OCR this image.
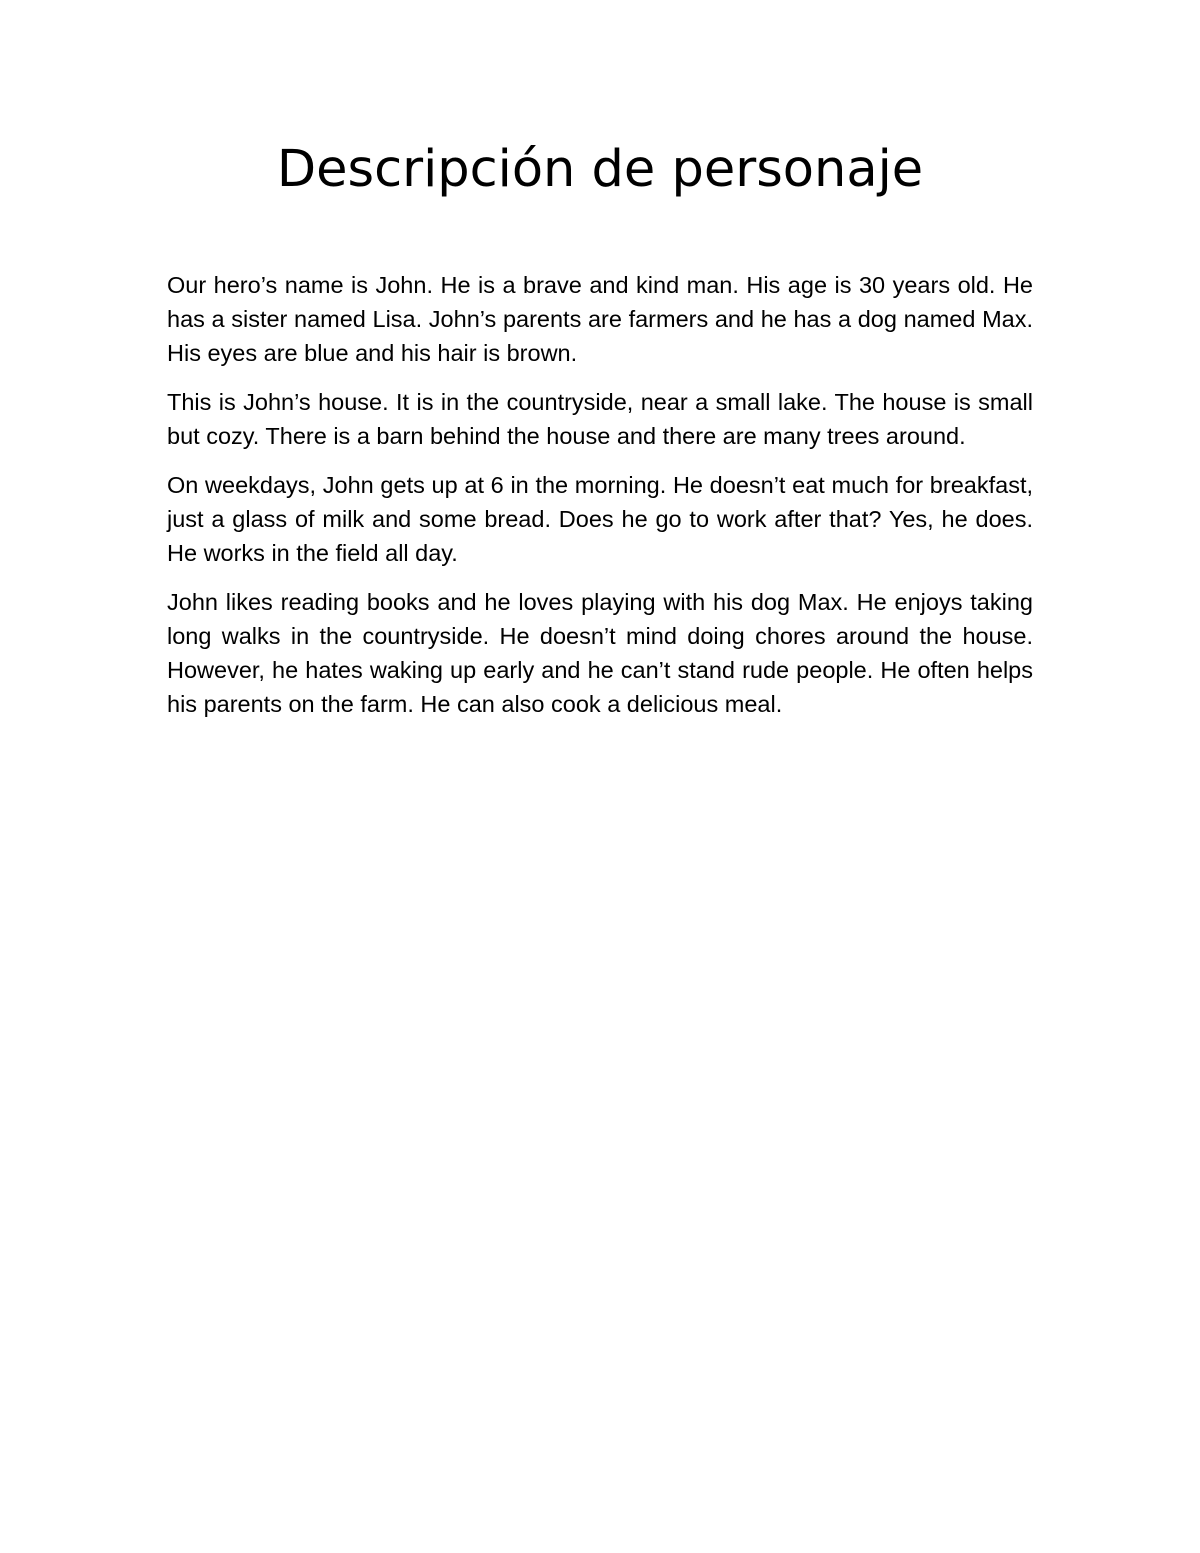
Descripción de personaje

Our hero’s name is John. He is a brave and kind man. His age is 30 years old. He has a sister named Lisa. John’s parents are farmers and he has a dog named Max. His eyes are blue and his hair is brown.

This is John’s house. It is in the countryside, near a small lake. The house is small but cozy. There is a barn behind the house and there are many trees around.

On weekdays, John gets up at 6 in the morning. He doesn’t eat much for breakfast, just a glass of milk and some bread. Does he go to work after that? Yes, he does. He works in the field all day.

John likes reading books and he loves playing with his dog Max. He enjoys taking long walks in the countryside. He doesn’t mind doing chores around the house. However, he hates waking up early and he can’t stand rude people. He often helps his parents on the farm. He can also cook a delicious meal.
